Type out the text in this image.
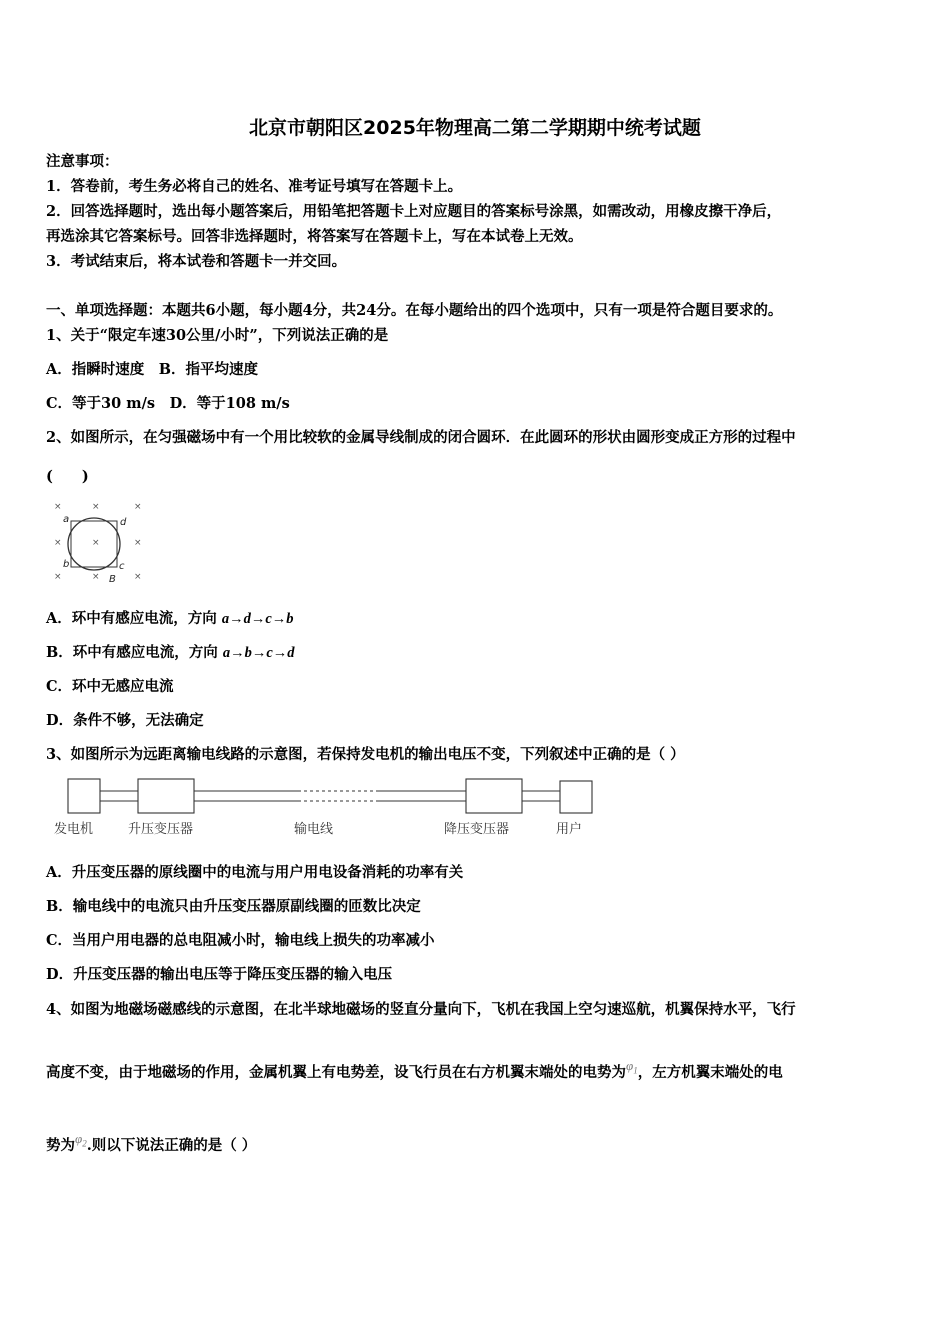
北京市朝阳区2025年物理高二第二学期期中统考试题
注意事项：
1．答卷前，考生务必将自己的姓名、准考证号填写在答题卡上。
2．回答选择题时，选出每小题答案后，用铅笔把答题卡上对应题目的答案标号涂黑，如需改动，用橡皮擦干净后，
再选涂其它答案标号。回答非选择题时，将答案写在答题卡上，写在本试卷上无效。
3．考试结束后，将本试卷和答题卡一并交回。
一、单项选择题：本题共6小题，每小题4分，共24分。在每小题给出的四个选项中，只有一项是符合题目要求的。
1、关于“限定车速30公里/小时”，下列说法正确的是
A．指瞬时速度　B．指平均速度
C．等于30 m/s　D．等于108 m/s
2、如图所示，在匀强磁场中有一个用比较软的金属导线制成的闭合圆环．在此圆环的形状由圆形变成正方形的过程中
(　　)
×	×	×
×	×	×
×	×	×
a	d
b	c
B
A．环中有感应电流，方向 a→d→c→b
B．环中有感应电流，方向 a→b→c→d
C．环中无感应电流
D．条件不够，无法确定
3、如图所示为远距离输电线路的示意图，若保持发电机的输出电压不变，下列叙述中正确的是（ ）
发电机	升压变压器	输电线	降压变压器	用户
A．升压变压器的原线圈中的电流与用户用电设备消耗的功率有关
B．输电线中的电流只由升压变压器原副线圈的匝数比决定
C．当用户用电器的总电阻减小时，输电线上损失的功率减小
D．升压变压器的输出电压等于降压变压器的输入电压
4、如图为地磁场磁感线的示意图，在北半球地磁场的竖直分量向下，飞机在我国上空匀速巡航，机翼保持水平，飞行
高度不变，由于地磁场的作用，金属机翼上有电势差，设飞行员在右方机翼末端处的电势为$\varphi_1$，左方机翼末端处的电
势为$\varphi_2$.则以下说法正确的是（ ）
